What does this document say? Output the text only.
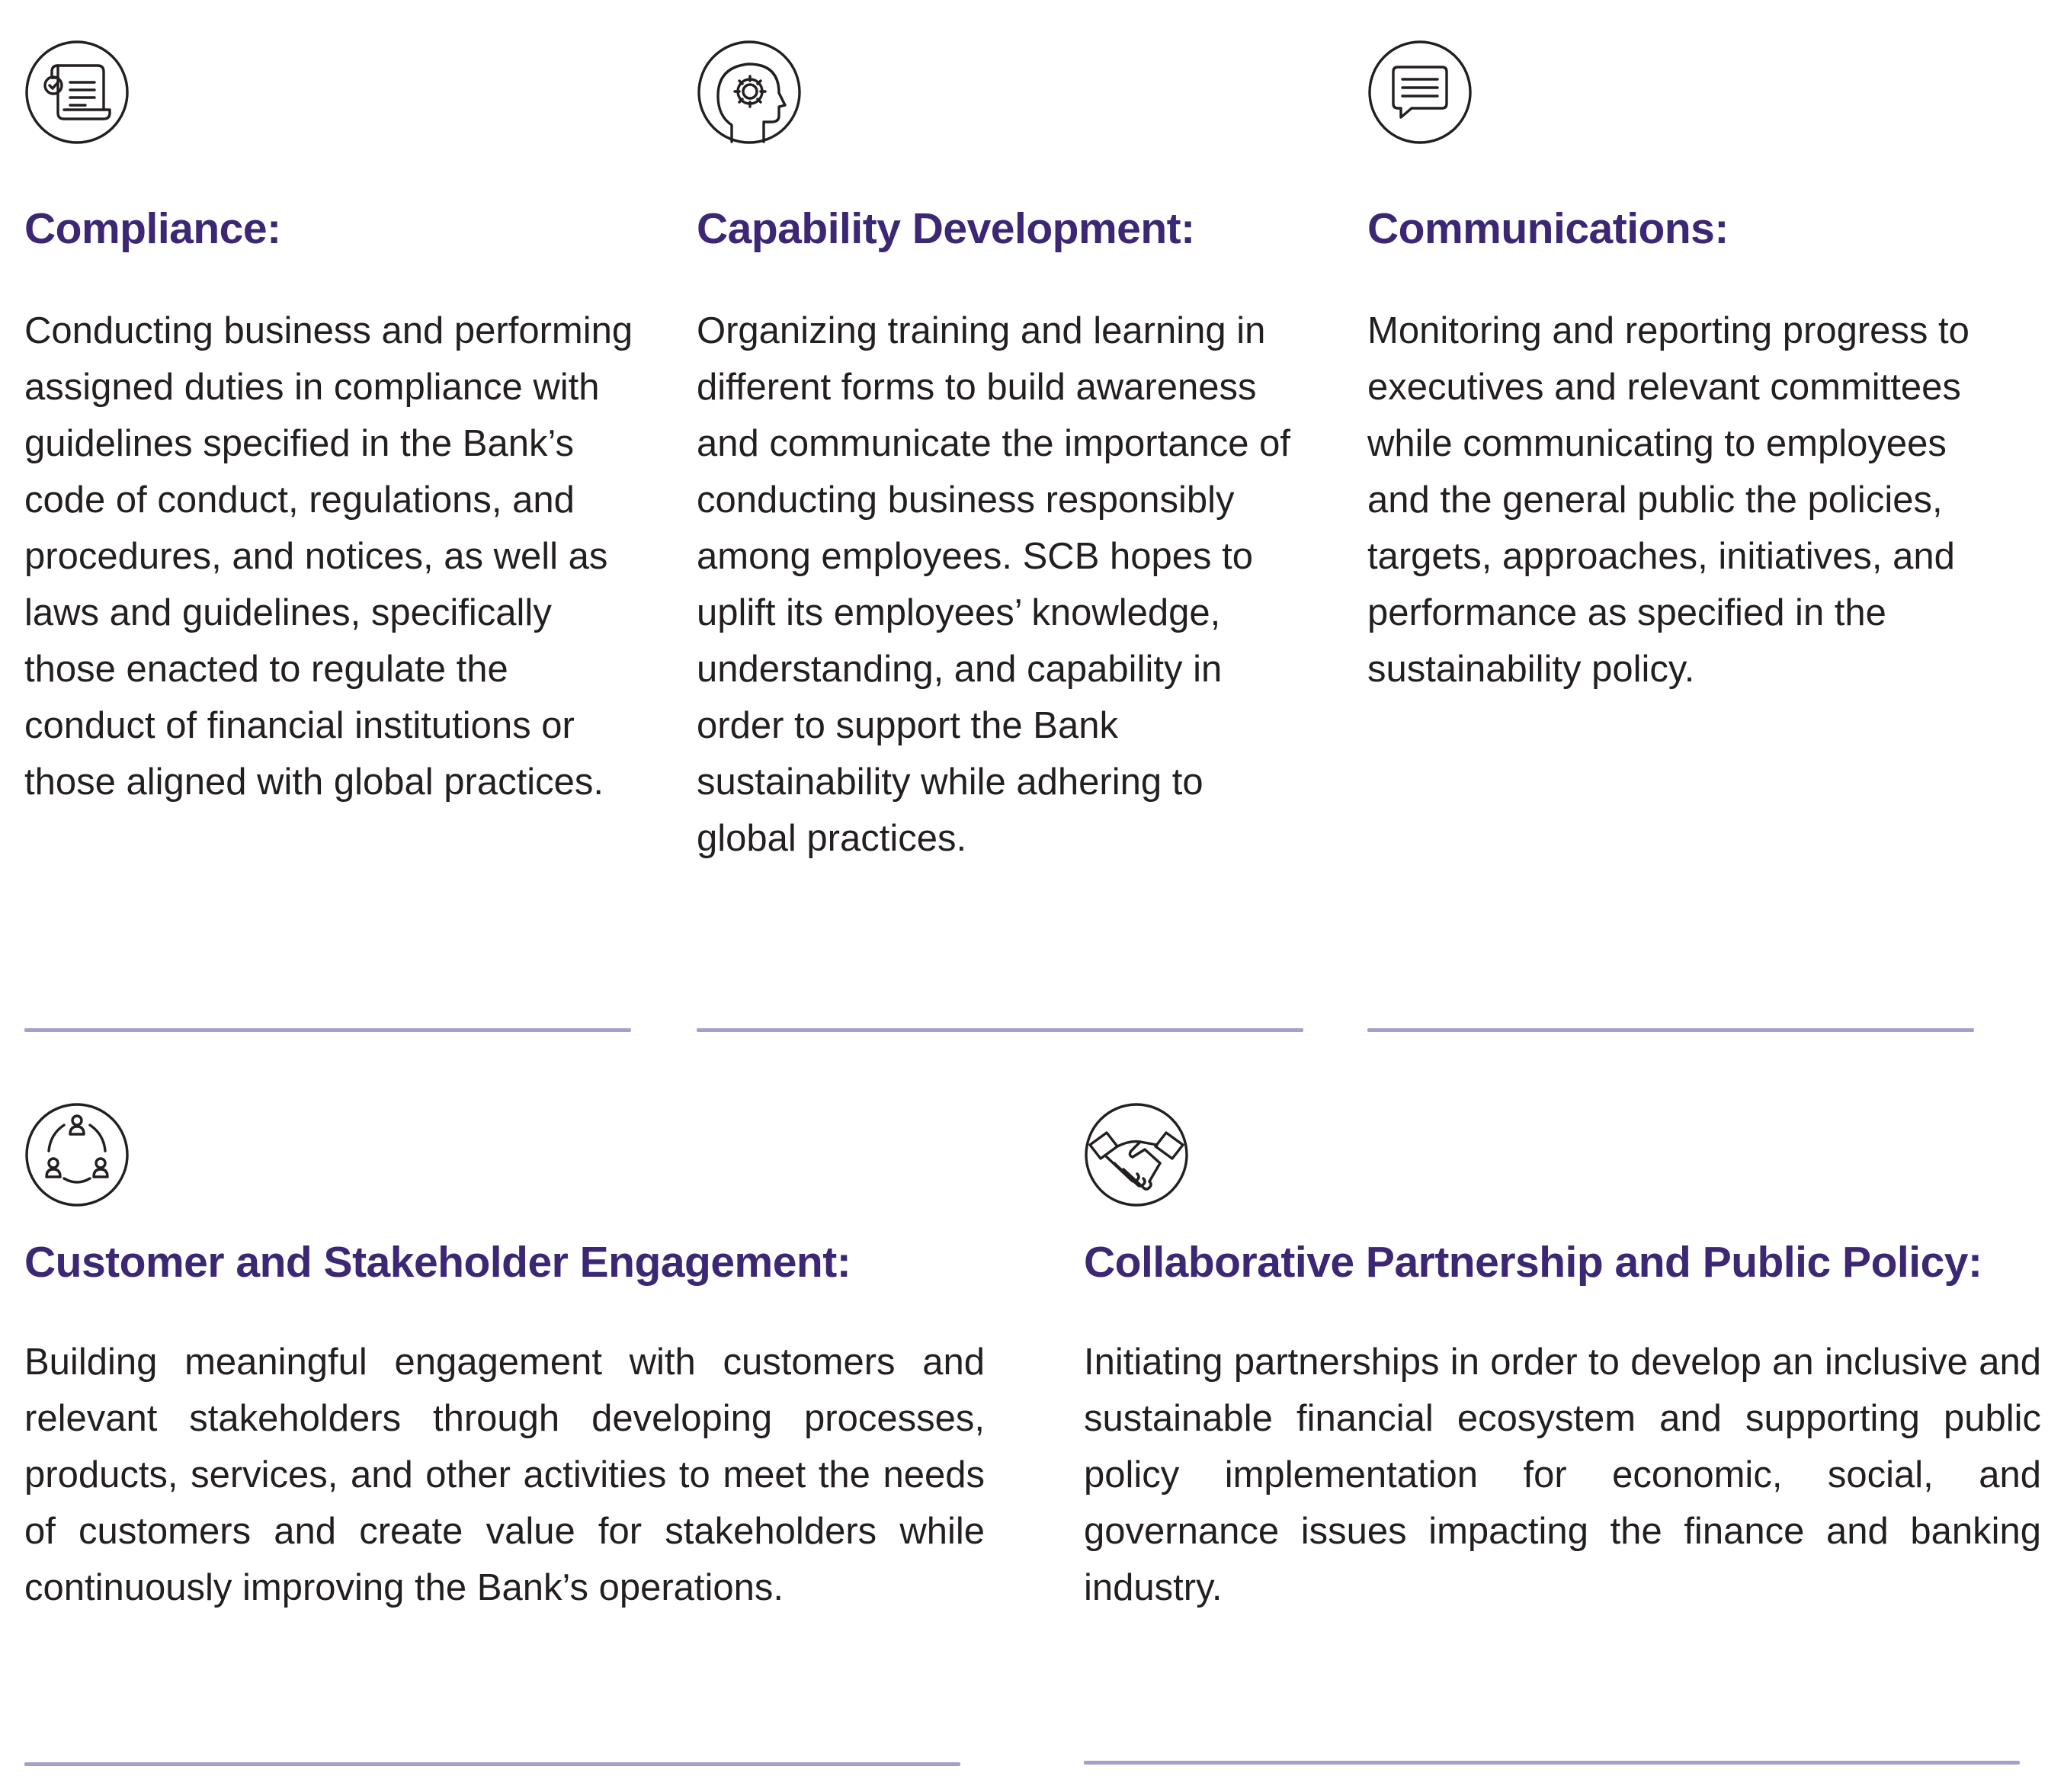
Compliance:

Conducting business and performing assigned duties in compliance with guidelines specified in the Bank’s code of conduct, regulations, and procedures, and notices, as well as laws and guidelines, specifically those enacted to regulate the conduct of financial institutions or those aligned with global practices.

Capability Development:

Organizing training and learning in different forms to build awareness and communicate the importance of conducting business responsibly among employees. SCB hopes to uplift its employees’ knowledge, understanding, and capability in order to support the Bank sustainability while adhering to global practices.

Communications:

Monitoring and reporting progress to executives and relevant committees while communicating to employees and the general public the policies, targets, approaches, initiatives, and performance as specified in the sustainability policy.

Customer and Stakeholder Engagement:

Building meaningful engagement with customers and relevant stakeholders through developing processes, products, services, and other activities to meet the needs of customers and create value for stakeholders while continuously improving the Bank’s operations.

Collaborative Partnership and Public Policy:

Initiating partnerships in order to develop an inclusive and sustainable financial ecosystem and supporting public policy implementation for economic, social, and governance issues impacting the finance and banking industry.
